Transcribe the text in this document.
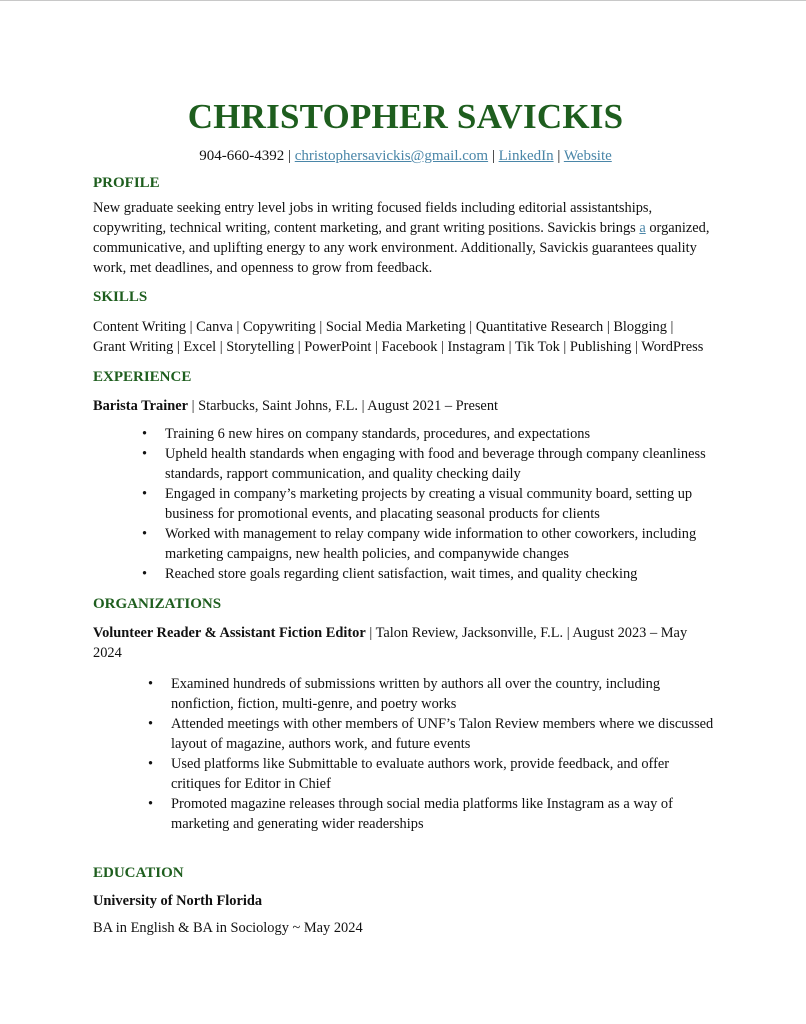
CHRISTOPHER SAVICKIS
904-660-4392 | christophersavickis@gmail.com | LinkedIn | Website
PROFILE

New graduate seeking entry level jobs in writing focused fields including editorial assistantships, copywriting, technical writing, content marketing, and grant writing positions. Savickis brings a organized, communicative, and uplifting energy to any work environment. Additionally, Savickis guarantees quality work, met deadlines, and openness to grow from feedback.

SKILLS

Content Writing | Canva | Copywriting | Social Media Marketing | Quantitative Research | Blogging |

Grant Writing | Excel | Storytelling | PowerPoint | Facebook | Instagram | Tik Tok | Publishing | WordPress

EXPERIENCE

Barista Trainer | Starbucks, Saint Johns, F.L. | August 2021 – Present

• Training 6 new hires on company standards, procedures, and expectations
• Upheld health standards when engaging with food and beverage through company cleanliness standards, rapport communication, and quality checking daily
• Engaged in company’s marketing projects by creating a visual community board, setting up business for promotional events, and placating seasonal products for clients
• Worked with management to relay company wide information to other coworkers, including marketing campaigns, new health policies, and companywide changes
• Reached store goals regarding client satisfaction, wait times, and quality checking
ORGANIZATIONS

Volunteer Reader & Assistant Fiction Editor | Talon Review, Jacksonville, F.L. | August 2023 – May 2024

• Examined hundreds of submissions written by authors all over the country, including nonfiction, fiction, multi-genre, and poetry works
• Attended meetings with other members of UNF’s Talon Review members where we discussed layout of magazine, authors work, and future events
• Used platforms like Submittable to evaluate authors work, provide feedback, and offer critiques for Editor in Chief
• Promoted magazine releases through social media platforms like Instagram as a way of marketing and generating wider readerships
EDUCATION

University of North Florida

BA in English & BA in Sociology ~ May 2024
